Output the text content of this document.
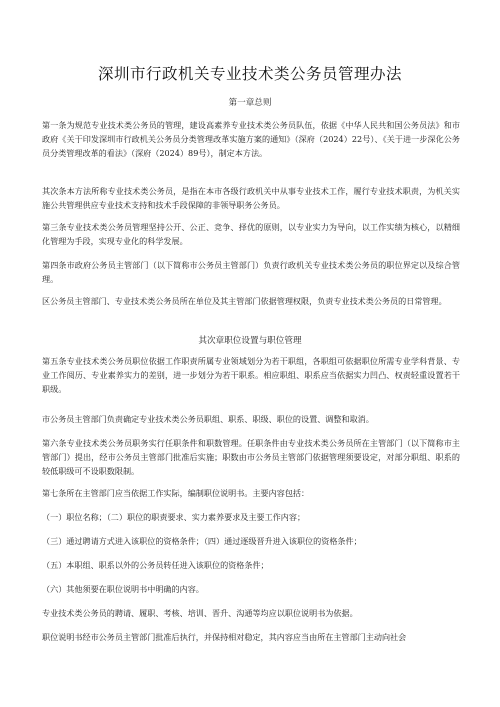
深圳市行政机关专业技术类公务员管理办法
第一章总则

第一条为规范专业技术类公务员的管理，建设高素养专业技术类公务员队伍，依据《中华人民共和国公务员法》和市政府《关于印发深圳市行政机关公务员分类管理改革实施方案的通知》（深府（2024）22号）、《关于进一步深化公务员分类管理改革的看法》（深府（2024）89号），制定本方法。

其次条本方法所称专业技术类公务员，是指在本市各级行政机关中从事专业技术工作，履行专业技术职责，为机关实施公共管理供应专业技术支持和技术手段保障的非领导职务公务员。

第三条专业技术类公务员管理坚持公开、公正、竞争、择优的原则，以专业实力为导向，以工作实绩为核心，以精细化管理为手段，实现专业化的科学发展。

第四条市政府公务员主管部门（以下简称市公务员主管部门）负责行政机关专业技术类公务员的职位界定以及综合管理。

区公务员主管部门、专业技术类公务员所在单位及其主管部门依据管理权限，负责专业技术类公务员的日常管理。

其次章职位设置与职位管理

第五条专业技术类公务员职位依据工作职责所属专业领域划分为若干职组，各职组可依据职位所需专业学科背景、专业工作阅历、专业素养实力的差别，进一步划分为若干职系。相应职组、职系应当依据实力凹凸、权责轻重设置若干职级。

市公务员主管部门负责确定专业技术类公务员职组、职系、职级、职位的设置、调整和取消。

第六条专业技术类公务员职务实行任职条件和职数管理。任职条件由专业技术类公务员所在主管部门（以下简称市主管部门）提出，经市公务员主管部门批准后实施；职数由市公务员主管部门依据管理须要设定，对部分职组、职系的较低职级可不设职数限制。

第七条所在主管部门应当依据工作实际，编制职位说明书。主要内容包括：

（一）职位名称；（二）职位的职责要求、实力素养要求及主要工作内容；

（三）通过聘请方式进入该职位的资格条件；（四）通过逐级晋升进入该职位的资格条件；

（五）本职组、职系以外的公务员转任进入该职位的资格条件；

（六）其他须要在职位说明书中明确的内容。

专业技术类公务员的聘请、履职、考核、培训、晋升、沟通等均应以职位说明书为依据。

职位说明书经市公务员主管部门批准后执行，并保持相对稳定，其内容应当由所在主管部门主动向社会
